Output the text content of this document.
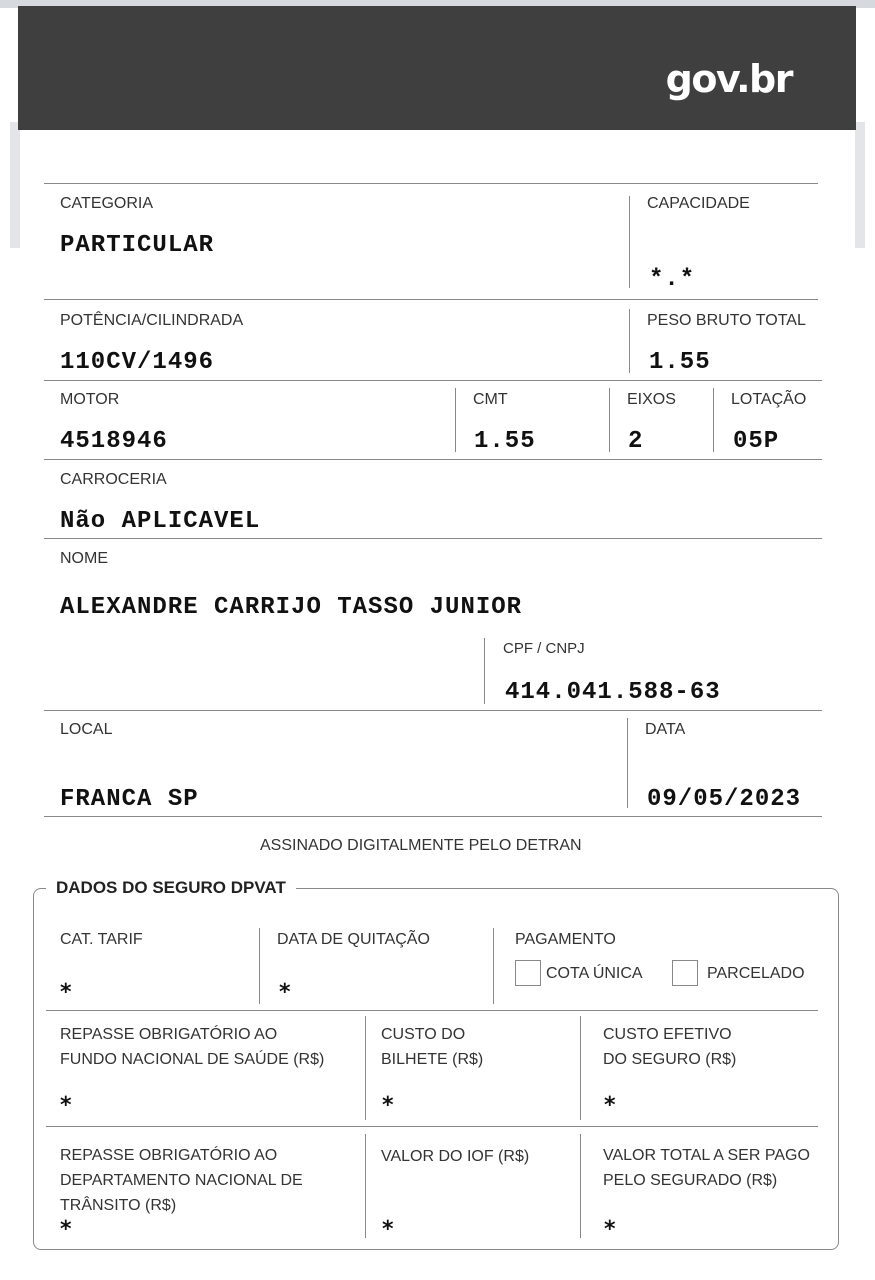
gov.br
CATEGORIA
PARTICULAR
CAPACIDADE
*.*
POTÊNCIA/CILINDRADA
110CV/1496
PESO BRUTO TOTAL
1.55
MOTOR
4518946
CMT
1.55
EIXOS
2
LOTAÇÃO
05P
CARROCERIA
Não APLICAVEL
NOME
ALEXANDRE CARRIJO TASSO JUNIOR
CPF / CNPJ
414.041.588-63
LOCAL
FRANCA SP
DATA
09/05/2023
ASSINADO DIGITALMENTE PELO DETRAN
DADOS DO SEGURO DPVAT
CAT. TARIF
*
DATA DE QUITAÇÃO
*
PAGAMENTO
COTA ÚNICA	PARCELADO
REPASSE OBRIGATÓRIO AO
FUNDO NACIONAL DE SAÚDE (R$)
*
CUSTO DO
BILHETE (R$)
*
CUSTO EFETIVO
DO SEGURO (R$)
*
REPASSE OBRIGATÓRIO AO
DEPARTAMENTO NACIONAL DE
TRÂNSITO (R$)
*
VALOR DO IOF (R$)
*
VALOR TOTAL A SER PAGO
PELO SEGURADO (R$)
*
